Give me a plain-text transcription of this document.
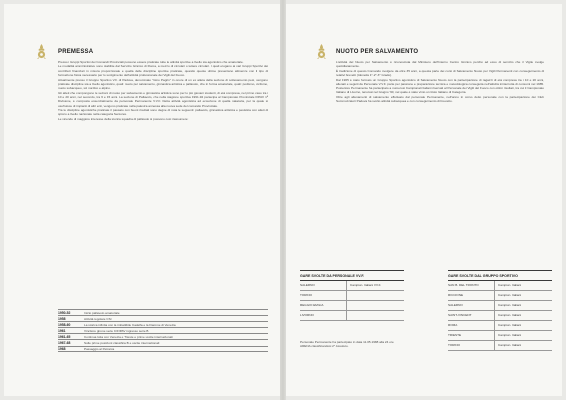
PREMESSA

Presso i Gruppi Sportivi dei Comandi Provinciali possono essere praticate tutte le attività sportive a livello sia agonistico che amatoriale.

Le modalità amministrative sono stabilite dal Servizio Ginnico di Roma, a mezzo di circolari o lettere circolari. I quali erogano ai vari Gruppi Sportivi dei contributi finanziari in misura proporzionale e quella delle discipline sportive praticate, quando queste ultime presentano attinenze con il tipo di formazione fisica necessario per lo svolgimento dell'attività professionale dei Vigili del Fuoco.

Attualmente presso il Gruppo Sportivo V.F. di Padova, denominato "Gino Pagrin" in onore di un ex atleta della sezione di sollevamento pesi, vengono praticate discipline sia a livello agonistico, quali: nuoto per salvamento, ginnastica artistica e pallavolo, che in forma amatoriale, quali: podismo, ciclismo, nuoto subacqueo, sci nordico e alpino.

Gli atleti che compongono le sezioni di nuoto per salvamento e ginnastica artistica sono per lo più giovani studenti, di età compresa, nel primo caso tra i 10 e 20 anni, nel secondo, tra 6 e 15 anni. La sezione di Pallavolo, che nella stagione sportiva 1991-92 partecipa al Campionato Provinciale FIPAV 1ª Divisione, è composta essenzialmente da personale Permanente V.V.F. Detta attività agonistica ad eccezione di quella natatoria, per la quale si usufruisce di impianti di altri enti, vengono praticate nella palestra annessa alla nuova sede del comando Provinciale.

Tra le discipline agonistiche praticate il passato con buoni risultati sono degne di nota le seguenti: pallavolo, ginnastica artistica e pesistica con atleti di spicco a livello nazionale nella categoria Seniores.

Le vicende di maggiore interesse della storica squadra di pallavolo si possono così riassumere:

1950-52	Inizio pallavolo amatoriale
1958	Attività regolare CSI
1958-60	La storica infinita con la imbattibile Cadelfa e la Fiamme di Venezia
1961	Vincitore girone serie C/FIPAV ingresso serie B
1961-65	Continua lotta con Venezia e Trieste e prime uscite internazionali
1967-68	Sulle prime posizioni classifica B e uscite internazionali
1968	Passaggio al Petrarca
NUOTO PER SALVAMENTO

L'attività del Nuoto per Salvamento è riconosciuta dal Ministero dell'Interno Centro Ginnico perché ad esso di servizio che il Vigile svolge quotidianamente.

È tradizione di questo Comando svolgere da oltre 35 anni, a questa parte dei corsi di Salvamento Nuoto per Vigili Permanenti con conseguimento di relativi brevetti (Idoneità 1°-2°-3° Grado).

Dal 1965 è stato formato un Gruppo Sportivo agonistico di Salvamento Nuoto con la partecipazione di ragazzi di età compresa tra i 10 e 20 anni, allenati e seguiti da Personale V.V.F. parte per passione e preparazione tecnica e metodologica conseguita nell'attività ininterrotta di consumi nel 1985. Posteriore Permanente ha partecipato a numerosi Campionati Italiani riservati al Personale dei Vigili del Fuoco con ottimi risultati, tra cui il Campionato Italiano di Livorno, tenutosi nel Giugno '90, nel quale è stato vinto un titolo Italiano di Categoria.

Oltre agli allenamenti di salvamento effettuato dal personale Permanente, nell'anno in corso detto personale con la partecipazione dei Club Sommozzatori Padova ha svolto attività subacquea e con conseguimento di brevetto.

GARE SVOLTE DA PERSONALE VV.F.
SALERNO	Campion. Italiani VV.F.
TORINO
REGGIO EMILIA
LIVORNO
Personale Permanente ha partecipato in data 11.05.1988 alla 24 ore ARENA classificandosi 2° Assoluto.
GARE SVOLTE DAL GRUPPO SPORTIVO
SAN B. DEL TRONTO	Campion. Italiani
RICCIONE	Campion. Italiani
SALERNO	Campion. Italiani
SAINT-VINCENT	Campion. Italiani
ROMA	Campion. Italiani
TRIESTE	Campion. Italiani
TORINO	Campion. Italiani
